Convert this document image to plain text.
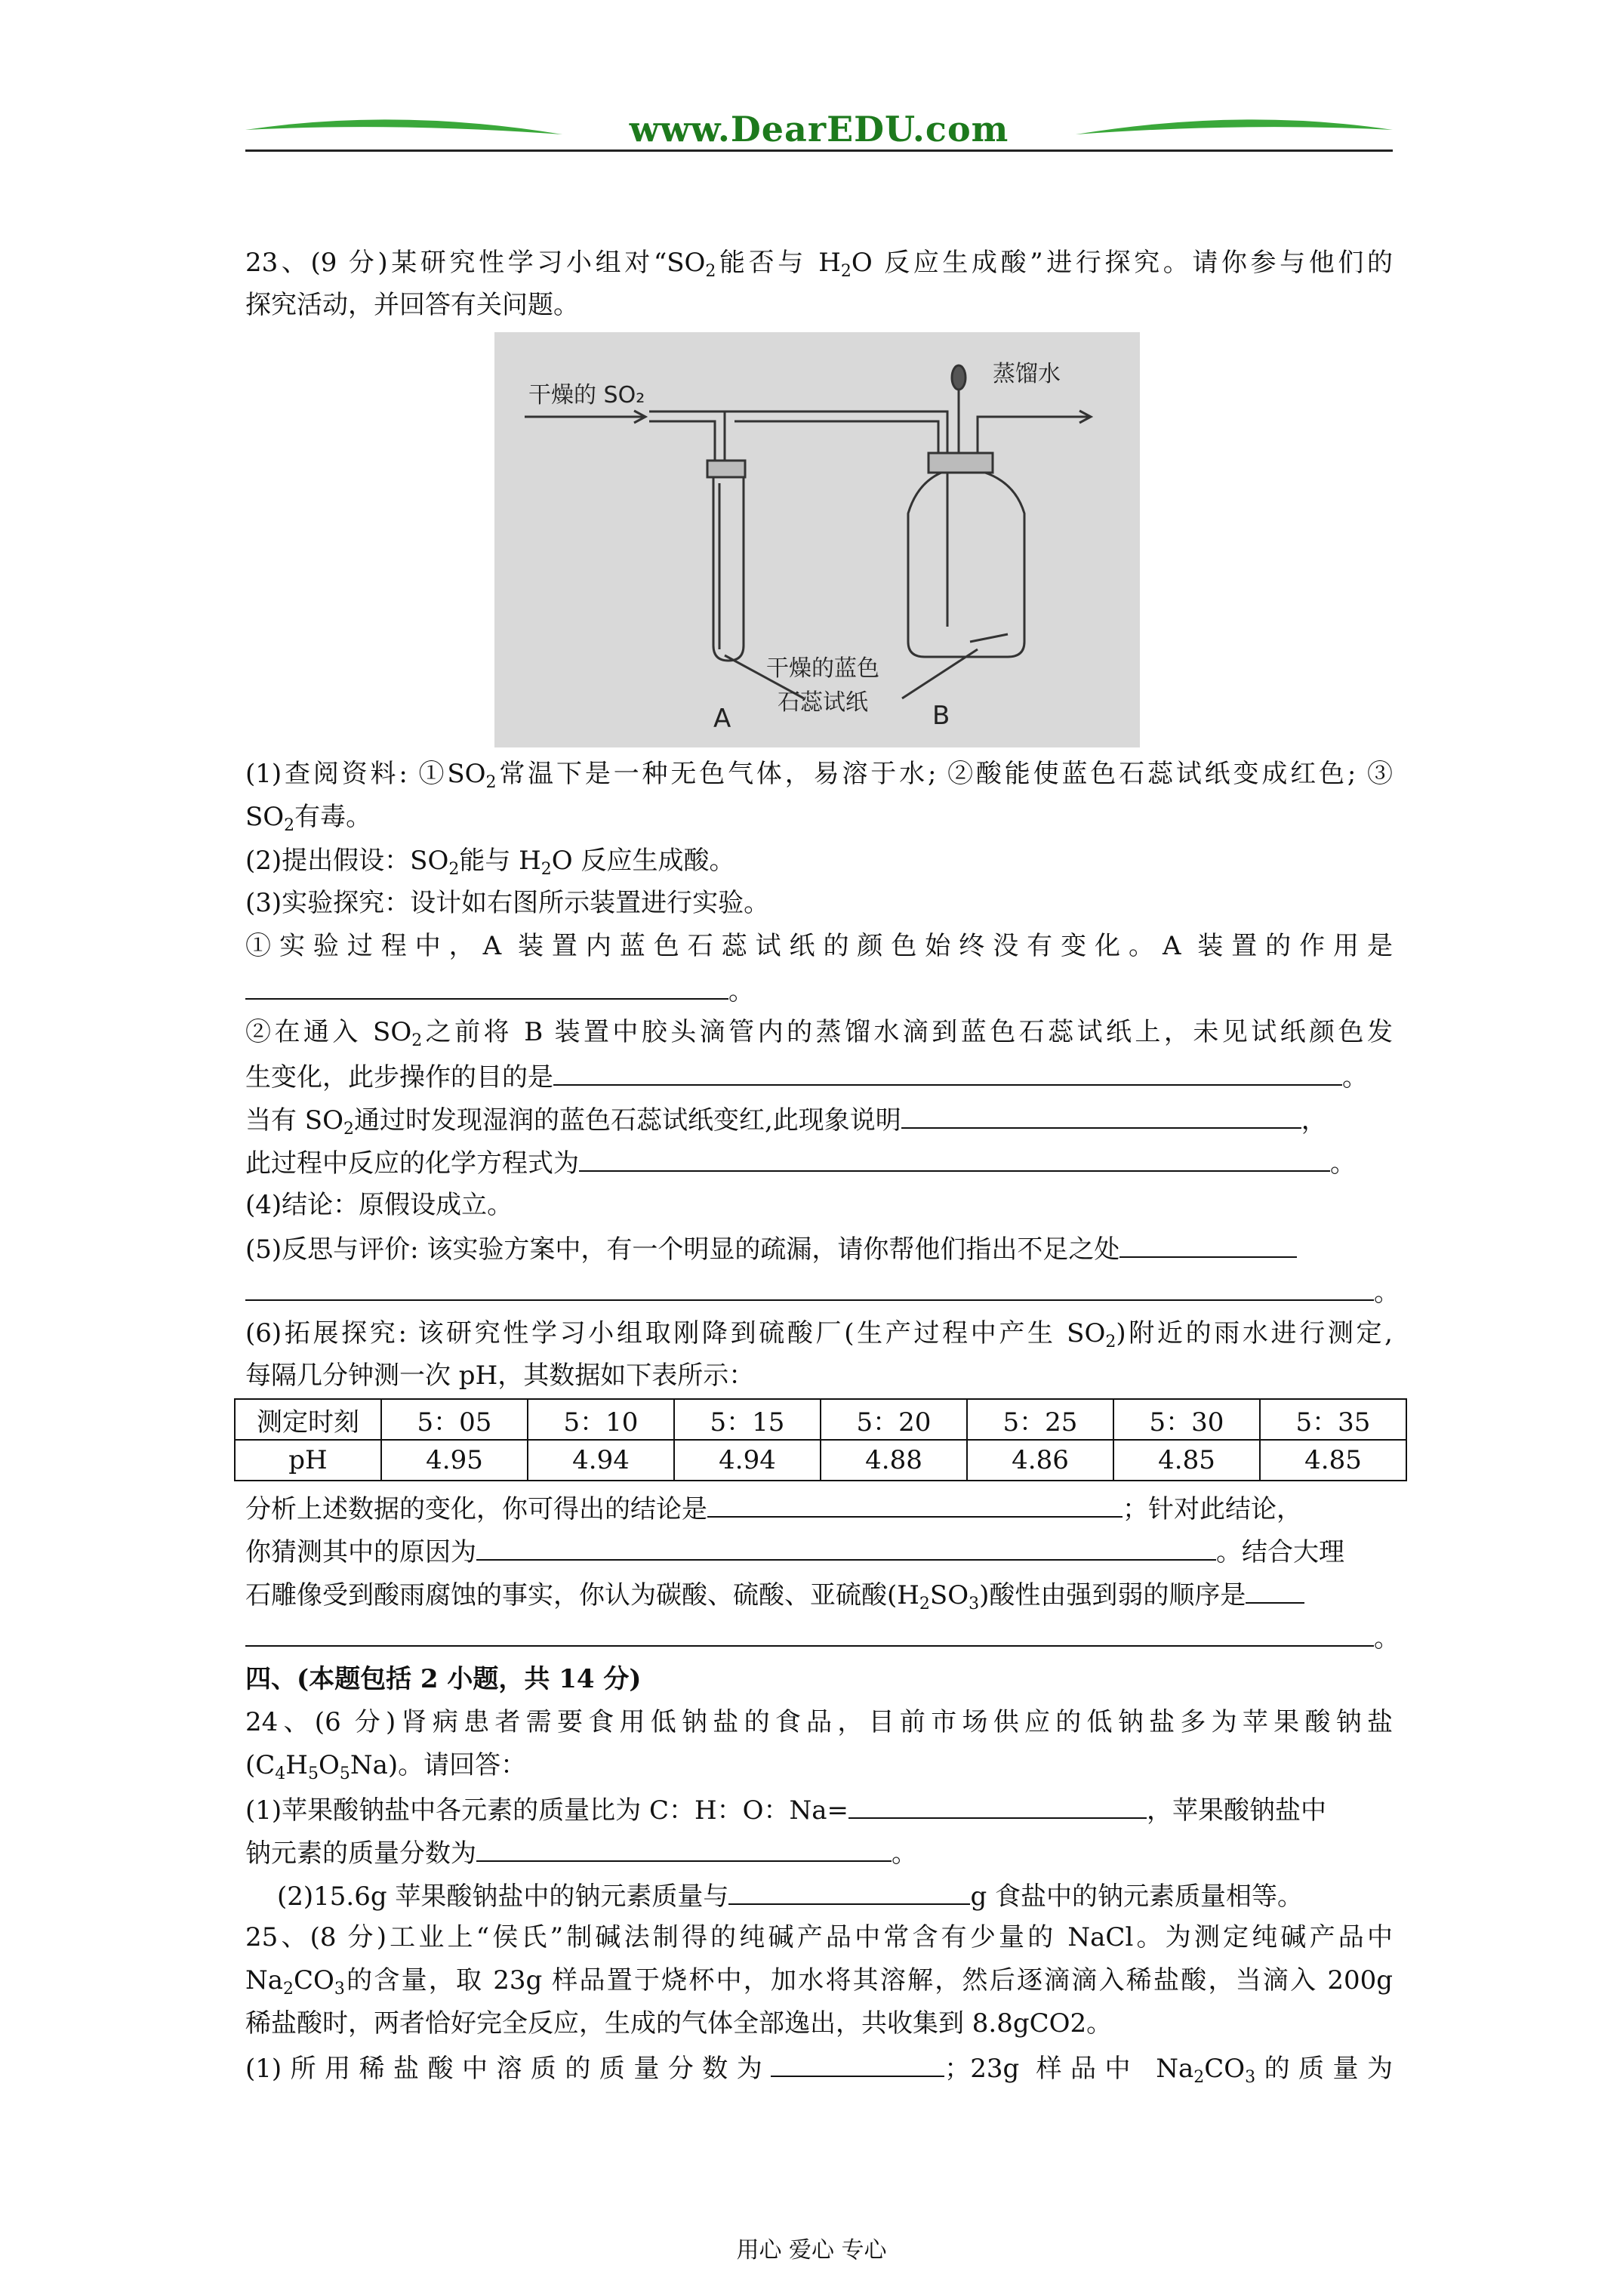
www.DearEDU.com
23、(9 分)某研究性学习小组对“$SO_2$能否与 $H_2O$ 反应生成酸”进行探究。请你参与他们的
探究活动，并回答有关问题。
干燥的 SO₂
蒸馏水
干燥的蓝色
石蕊试纸
A	B
(1)查阅资料: $①SO_2$常温下是一种无色气体，易溶于水; ②酸能使蓝色石蕊试纸变成红色; ③
$SO_2$有毒。
(2)提出假设：$SO_2$能与 $H_2O$ 反应生成酸。
(3)实验探究：设计如右图所示装置进行实验。
①实验过程中，A 装置内蓝色石蕊试纸的颜色始终没有变化。A 装置的作用是
。
②在通入 $SO_2$之前将 B 装置中胶头滴管内的蒸馏水滴到蓝色石蕊试纸上，未见试纸颜色发
生变化，此步操作的目的是	。
当有 $SO_2$通过时发现湿润的蓝色石蕊试纸变红,此现象说明	，
此过程中反应的化学方程式为	。
(4)结论：原假设成立。
(5)反思与评价: 该实验方案中，有一个明显的疏漏，请你帮他们指出不足之处
。
(6)拓展探究: 该研究性学习小组取刚降到硫酸厂(生产过程中产生 $SO_2$)附近的雨水进行测定,
每隔几分钟测一次 pH，其数据如下表所示：
测定时刻	5：05	5：10	5：15	5：20	5：25	5：30	5：35
pH	4.95	4.94	4.94	4.88	4.86	4.85	4.85
分析上述数据的变化，你可得出的结论是	；针对此结论，
你猜测其中的原因为	。结合大理
石雕像受到酸雨腐蚀的事实，你认为碳酸、硫酸、亚硫酸$(H_2SO_3)$酸性由强到弱的顺序是
。
四、(本题包括 2 小题，共 14 分)
24、(6 分)肾病患者需要食用低钠盐的食品，目前市场供应的低钠盐多为苹果酸钠盐
$(C_4H_5O_5Na)$。请回答：
(1)苹果酸钠盐中各元素的质量比为 C：H：O：Na=	，苹果酸钠盐中
钠元素的质量分数为	。
(2)15.6g 苹果酸钠盐中的钠元素质量与	g 食盐中的钠元素质量相等。
25、(8 分)工业上“侯氏”制碱法制得的纯碱产品中常含有少量的 NaCl。为测定纯碱产品中
$Na_2CO_3$的含量，取 23g 样品置于烧杯中，加水将其溶解，然后逐滴滴入稀盐酸，当滴入 200g
稀盐酸时，两者恰好完全反应，生成的气体全部逸出，共收集到 8.8gCO2。
(1)所用稀盐酸中溶质的质量分数为	；23g 样品中 $Na_2CO_3$的质量为
用心 爱心 专心
